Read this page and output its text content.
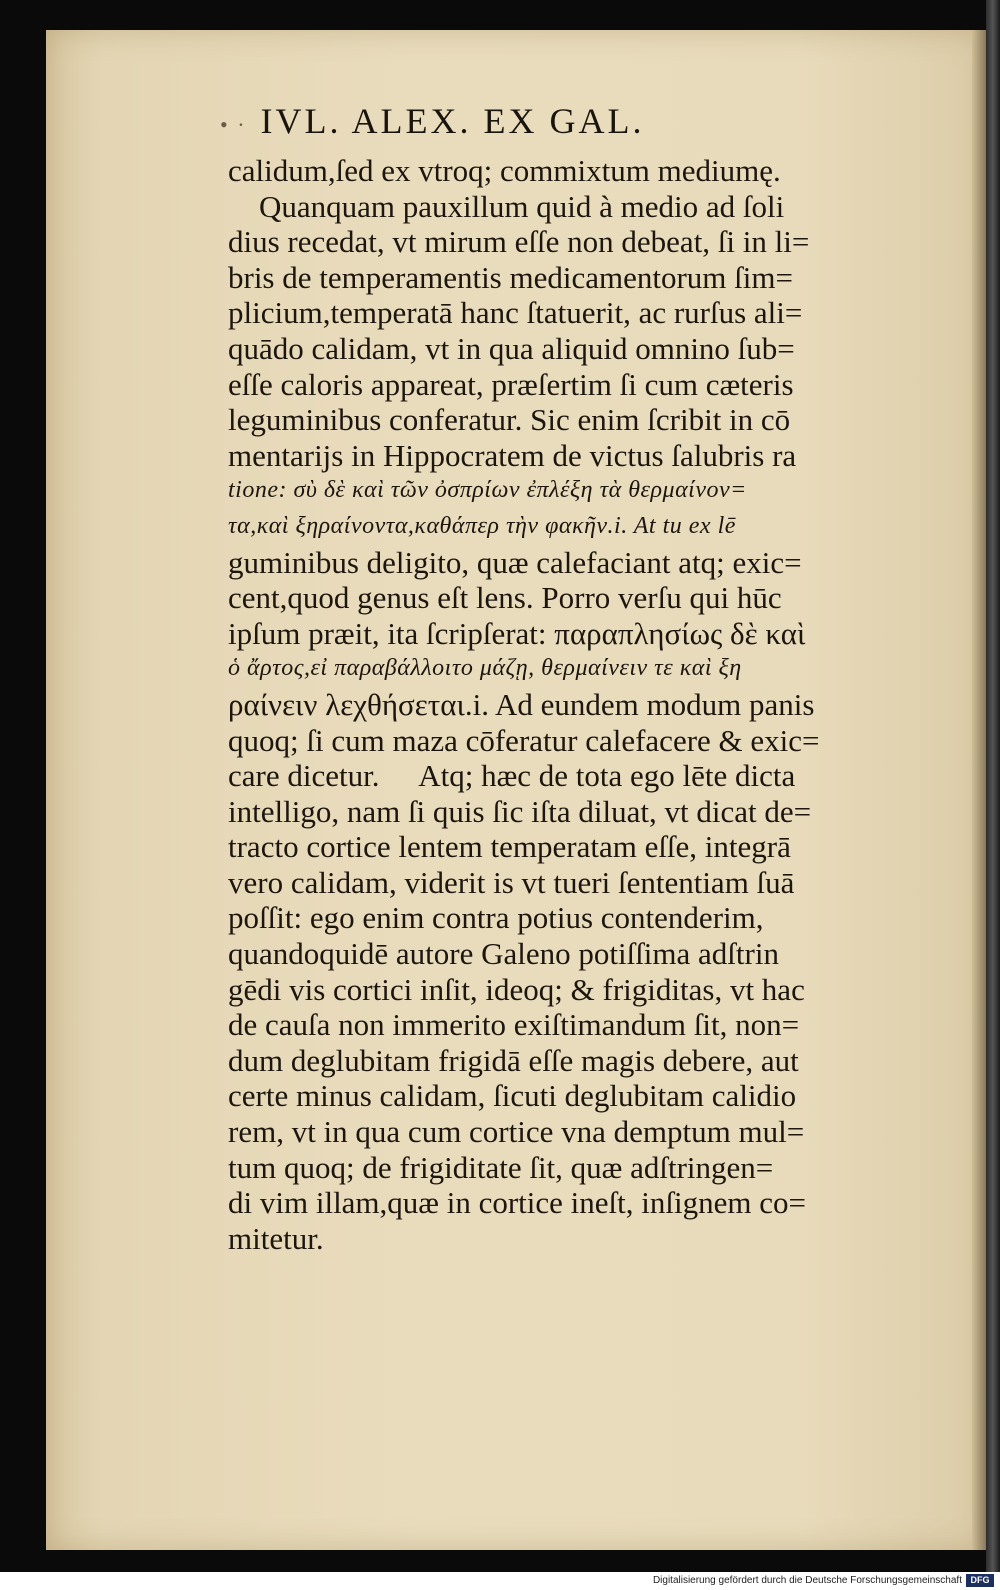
• · IVL. ALEX. EX GAL.
calidum,ſed ex vtroq; commixtum mediumę.
 Quanquam pauxillum quid à medio ad ſoli
dius recedat, vt mirum eſſe non debeat, ſi in li=
bris de temperamentis medicamentorum ſim=
plicium,temperatā hanc ſtatuerit, ac rurſus ali=
quādo calidam, vt in qua aliquid omnino ſub=
eſſe caloris appareat, præſertim ſi cum cæteris
leguminibus conferatur. Sic enim ſcribit in cō
mentarijs in Hippocratem de victus ſalubris ra
tione: σὺ δὲ καὶ τῶν ὀσπρίων ἐπλέξη τὰ θερμαίνον=
τα,καὶ ξηραίνοντα,καθάπερ τὴν φακῆν.i. At tu ex lē
guminibus deligito, quæ calefaciant atq; exic=
cent,quod genus eſt lens. Porro verſu qui hūc
ipſum præit, ita ſcripſerat: παραπλησίως δὲ καὶ
ὁ ἄρτος,εἰ παραβάλλοιτο μάζῃ, θερμαίνειν τε καὶ ξη
ραίνειν λεχθήσεται.i. Ad eundem modum panis
quoq; ſi cum maza cōferatur calefacere & exic=
care dicetur.  Atq; hæc de tota ego lēte dicta
intelligo, nam ſi quis ſic iſta diluat, vt dicat de=
tracto cortice lentem temperatam eſſe, integrā
vero calidam, viderit is vt tueri ſententiam ſuā
poſſit: ego enim contra potius contenderim,
quandoquidē autore Galeno potiſſima adſtrin
gēdi vis cortici inſit, ideoq; & frigiditas, vt hac
de cauſa non immerito exiſtimandum ſit, non=
dum deglubitam frigidā eſſe magis debere, aut
certe minus calidam, ſicuti deglubitam calidio
rem, vt in qua cum cortice vna demptum mul=
tum quoq; de frigiditate ſit, quæ adſtringen=
di vim illam,quæ in cortice ineſt, inſignem co=
mitetur.
Digitalisierung gefördert durch die Deutsche Forschungsgemeinschaft DFG
